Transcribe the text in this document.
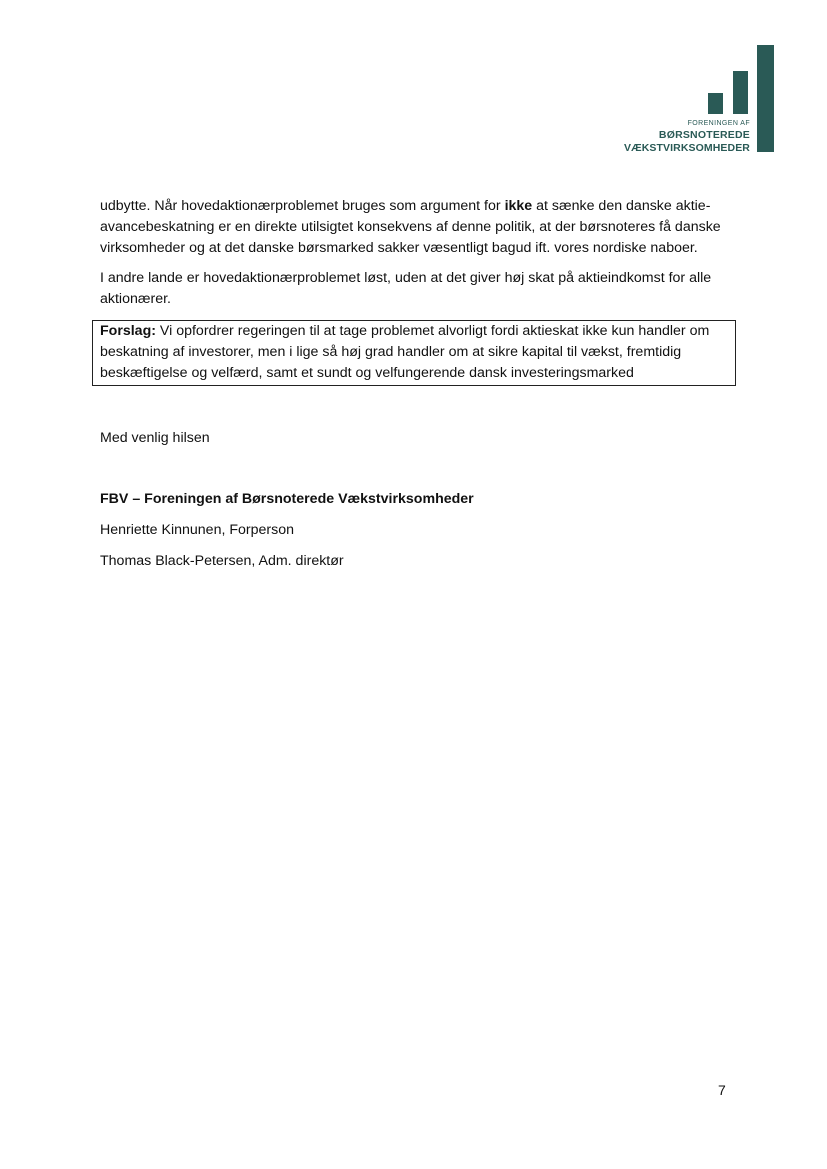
FORENINGEN AF
BØRSNOTEREDE
VÆKSTVIRKSOMHEDER

udbytte. Når hovedaktionærproblemet bruges som argument for ikke at sænke den danske aktieavancebeskatning er en direkte utilsigtet konsekvens af denne politik, at der børsnoteres få danske virksomheder og at det danske børsmarked sakker væsentligt bagud ift. vores nordiske naboer.

I andre lande er hovedaktionærproblemet løst, uden at det giver høj skat på aktieindkomst for alle aktionærer.

Forslag: Vi opfordrer regeringen til at tage problemet alvorligt fordi aktieskat ikke kun handler om beskatning af investorer, men i lige så høj grad handler om at sikre kapital til vækst, fremtidig beskæftigelse og velfærd, samt et sundt og velfungerende dansk investeringsmarked

Med venlig hilsen

FBV – Foreningen af Børsnoterede Vækstvirksomheder

Henriette Kinnunen, Forperson

Thomas Black-Petersen, Adm. direktør

7
